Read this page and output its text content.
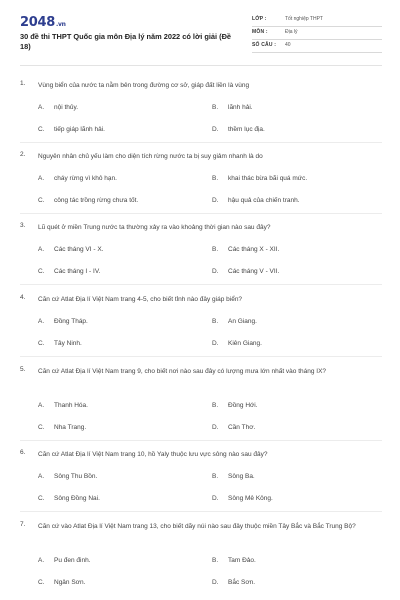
2048.vn
30 đề thi THPT Quốc gia môn Địa lý năm 2022 có lời giải (Đề 18)
LỚP :	Tốt nghiệp THPT
MÔN :	Địa lý
SỐ CÂU : 40
1. Vùng biển của nước ta nằm bên trong đường cơ sở, giáp đất liền là vùng
A. nội thủy.	B. lãnh hải.
C. tiếp giáp lãnh hải.	D. thềm lục địa.
2. Nguyên nhân chủ yếu làm cho diện tích rừng nước ta bị suy giảm nhanh là do
A. cháy rừng vì khô hạn.	B. khai thác bừa bãi quá mức.
C. công tác trồng rừng chưa tốt.	D. hậu quả của chiến tranh.
3. Lũ quét ở miền Trung nước ta thường xảy ra vào khoảng thời gian nào sau đây?
A. Các tháng VI - X.	B. Các tháng X - XII.
C. Các tháng I - IV.	D. Các tháng V - VII.
4. Căn cứ Atlat Địa lí Việt Nam trang 4-5, cho biết tỉnh nào đây giáp biển?
A. Đồng Tháp.	B. An Giang.
C. Tây Ninh.	D. Kiên Giang.
5. Căn cứ Atlat Địa lí Việt Nam trang 9, cho biết nơi nào sau đây có lượng mưa lớn nhất vào tháng IX?
A. Thanh Hóa.	B. Đồng Hới.
C. Nha Trang.	D. Cần Thơ.
6. Căn cứ Atlat Địa lí Việt Nam trang 10, hồ Yaly thuộc lưu vực sông nào sau đây?
A. Sông Thu Bồn.	B. Sông Ba.
C. Sông Đồng Nai.	D. Sông Mê Kông.
7. Căn cứ vào Atlat Địa lí Việt Nam trang 13, cho biết dãy núi nào sau đây thuộc miền Tây Bắc và Bắc Trung Bộ?
A. Pu đen đinh.	B. Tam Đảo.
C. Ngân Sơn.	D. Bắc Sơn.
